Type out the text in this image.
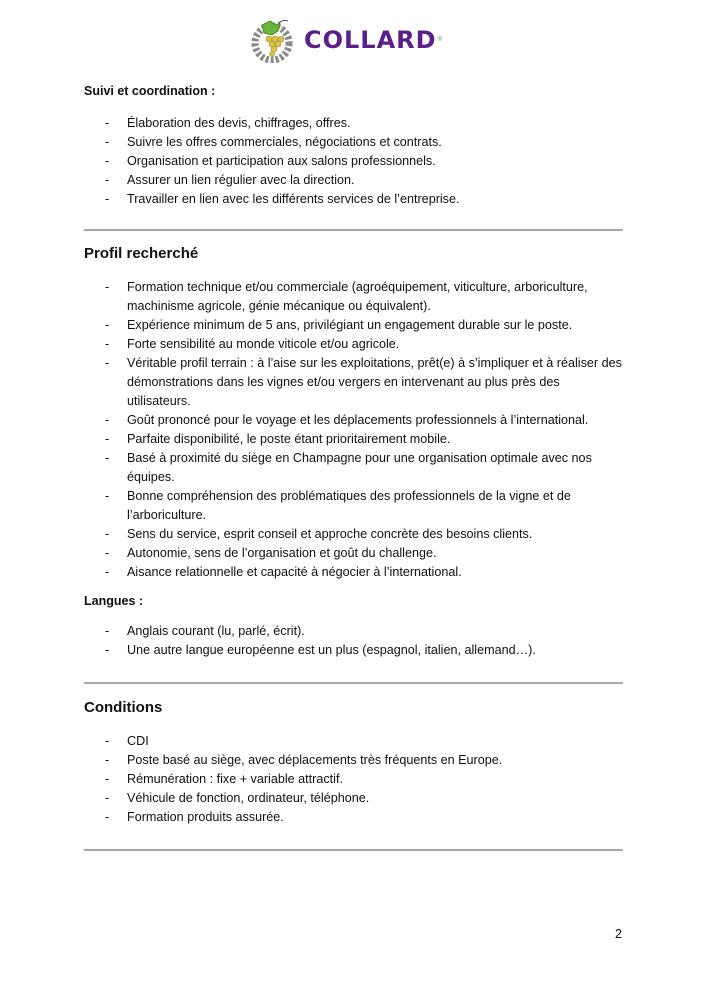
COLLARD ®

Suivi et coordination :

- Élaboration des devis, chiffrages, offres.
- Suivre les offres commerciales, négociations et contrats.
- Organisation et participation aux salons professionnels.
- Assurer un lien régulier avec la direction.
- Travailler en lien avec les différents services de l’entreprise.

Profil recherché

- Formation technique et/ou commerciale (agroéquipement, viticulture, arboriculture, machinisme agricole, génie mécanique ou équivalent).
- Expérience minimum de 5 ans, privilégiant un engagement durable sur le poste.
- Forte sensibilité au monde viticole et/ou agricole.
- Véritable profil terrain : à l’aise sur les exploitations, prêt(e) à s’impliquer et à réaliser des démonstrations dans les vignes et/ou vergers en intervenant au plus près des utilisateurs.
- Goût prononcé pour le voyage et les déplacements professionnels à l’international.
- Parfaite disponibilité, le poste étant prioritairement mobile.
- Basé à proximité du siège en Champagne pour une organisation optimale avec nos équipes.
- Bonne compréhension des problématiques des professionnels de la vigne et de l’arboriculture.
- Sens du service, esprit conseil et approche concrète des besoins clients.
- Autonomie, sens de l’organisation et goût du challenge.
- Aisance relationnelle et capacité à négocier à l’international.

Langues :

- Anglais courant (lu, parlé, écrit).
- Une autre langue européenne est un plus (espagnol, italien, allemand…).

Conditions

- CDI
- Poste basé au siège, avec déplacements très fréquents en Europe.
- Rémunération : fixe + variable attractif.
- Véhicule de fonction, ordinateur, téléphone.
- Formation produits assurée.
2
